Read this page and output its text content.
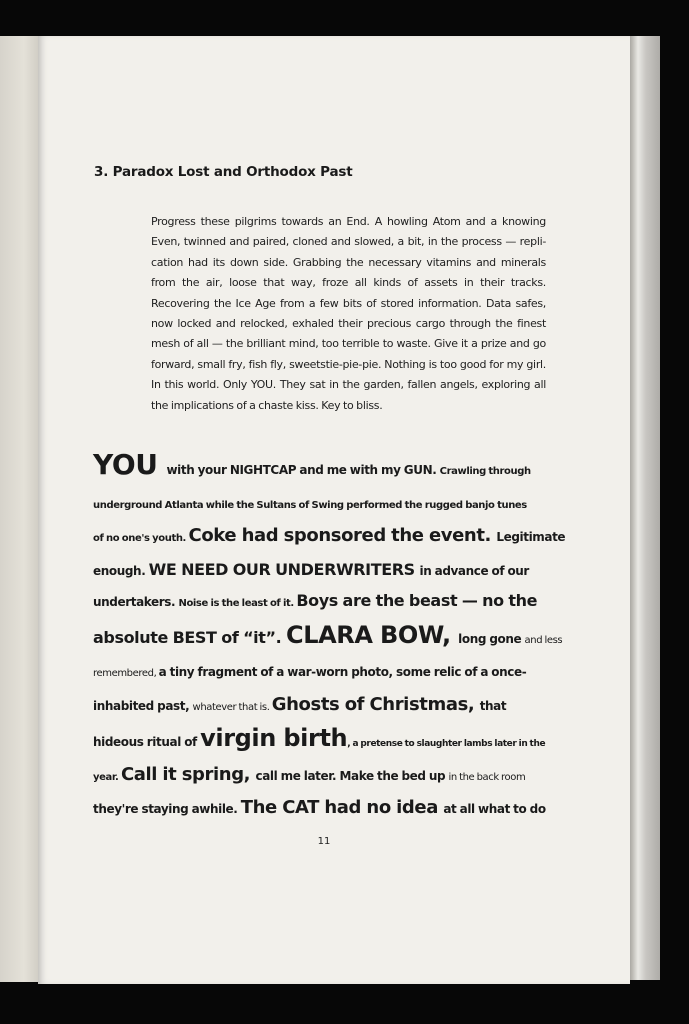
3. Paradox Lost and Orthodox Past

Progress these pilgrims towards an End. A howling Atom and a knowing Even, twinned and paired, cloned and slowed, a bit, in the process — repli-cation had its down side. Grabbing the necessary vitamins and minerals from the air, loose that way, froze all kinds of assets in their tracks. Recovering the Ice Age from a few bits of stored information. Data safes, now locked and relocked, exhaled their precious cargo through the finest mesh of all — the brilliant mind, too terrible to waste. Give it a prize and go forward, small fry, fish fly, sweetstie-pie-pie. Nothing is too good for my girl. In this world. Only YOU. They sat in the garden, fallen angels, exploring all the implications of a chaste kiss. Key to bliss.

YOU with your NIGHTCAP and me with my GUN. Crawling through
underground Atlanta while the Sultans of Swing performed the rugged banjo tunes
of no one's youth. Coke had sponsored the event. Legitimate
enough. WE NEED OUR UNDERWRITERS in advance of our
undertakers. Noise is the least of it. Boys are the beast — no the
absolute BEST of “it”. CLARA BOW, long gone and less
remembered, a tiny fragment of a war-worn photo, some relic of a once-
inhabited past, whatever that is. Ghosts of Christmas, that
hideous ritual of virgin birth, a pretense to slaughter lambs later in the
year. Call it spring, call me later. Make the bed up in the back room
they're staying awhile. The CAT had no idea at all what to do
11
